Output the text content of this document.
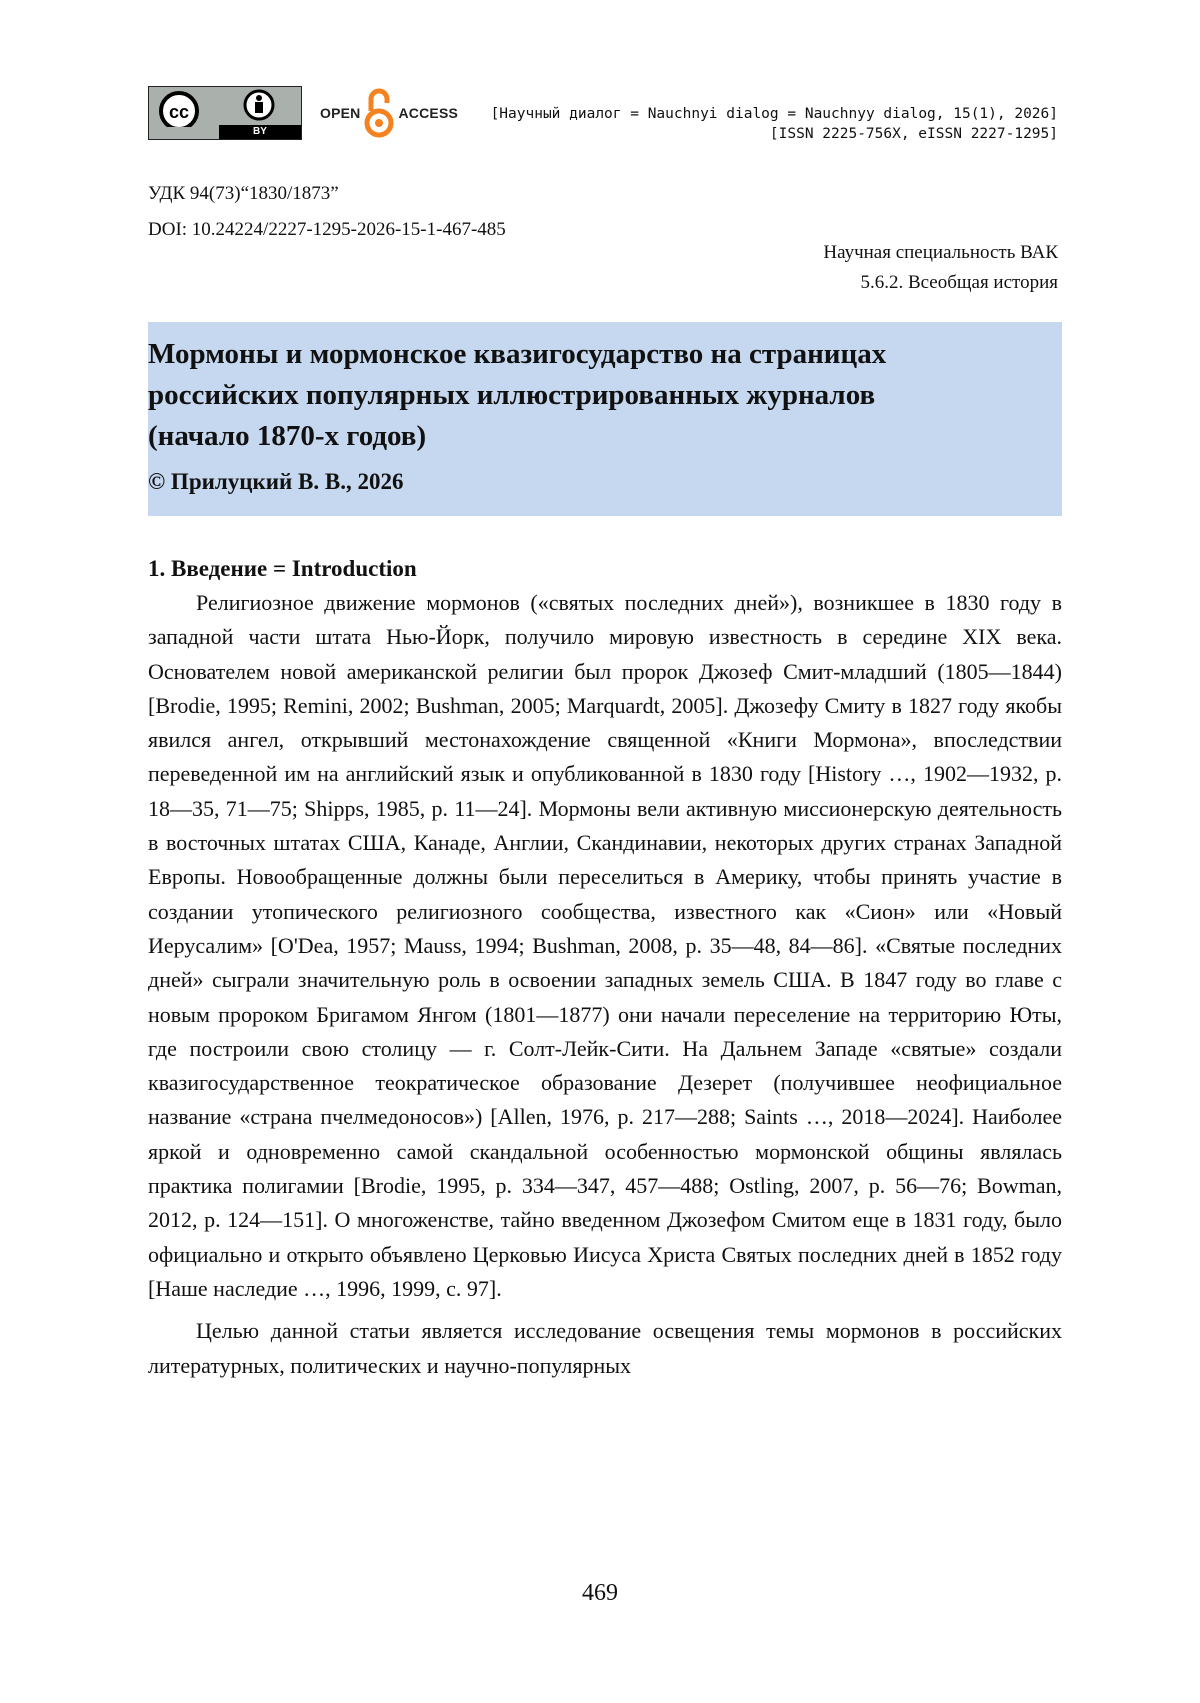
cc
BY
OPEN	ACCESS [Научный диалог = Nauchnyi dialog = Nauchnyy dialog, 15(1), 2026]
[ISSN 2225-756X, eISSN 2227-1295]
УДК 94(73)“1830/1873”
DOI: 10.24224/2227-1295-2026-15-1-467-485
Научная специальность ВАК
5.6.2. Всеобщая история
Мормоны и мормонское квазигосударство на страницах российских популярных иллюстрированных журналов (начало 1870-х годов)
© Прилуцкий В. В., 2026
1. Введение = Introduction

Религиозное движение мормонов («святых последних дней»), возникшее в 1830 году в западной части штата Нью-Йорк, получило мировую известность в середине XIX века. Основателем новой американской религии был пророк Джозеф Смит-младший (1805—1844) [Brodie, 1995; Remini, 2002; Bushman, 2005; Marquardt, 2005]. Джозефу Смиту в 1827 году якобы явился ангел, открывший местонахождение священной «Книги Мормона», впоследствии переведенной им на английский язык и опубликованной в 1830 году [History …, 1902—1932, p. 18—35, 71—75; Shipps, 1985, p. 11—24]. Мормоны вели активную миссионерскую деятельность в восточных штатах США, Канаде, Англии, Скандинавии, некоторых других странах Западной Европы. Новообращенные должны были переселиться в Америку, чтобы принять участие в создании утопического религиозного сообщества, известного как «Сион» или «Новый Иерусалим» [O'Dea, 1957; Mauss, 1994; Bushman, 2008, p. 35—48, 84—86]. «Святые последних дней» сыграли значительную роль в освоении западных земель США. В 1847 году во главе с новым пророком Бригамом Янгом (1801—1877) они начали переселение на территорию Юты, где построили свою столицу — г. Солт-Лейк-Сити. На Дальнем Западе «святые» создали квазигосударственное теократическое образование Дезерет (получившее неофициальное название «страна пчелмедоносов») [Allen, 1976, p. 217—288; Saints …, 2018—2024]. Наиболее яркой и одновременно самой скандальной особенностью мормонской общины являлась практика полигамии [Brodie, 1995, p. 334—347, 457—488; Ostling, 2007, p. 56—76; Bowman, 2012, p. 124—151]. О многоженстве, тайно введенном Джозефом Смитом еще в 1831 году, было официально и открыто объявлено Церковью Иисуса Христа Святых последних дней в 1852 году [Наше наследие …, 1996, 1999, с. 97].

Целью данной статьи является исследование освещения темы мормонов в российских литературных, политических и научно-популярных

469
